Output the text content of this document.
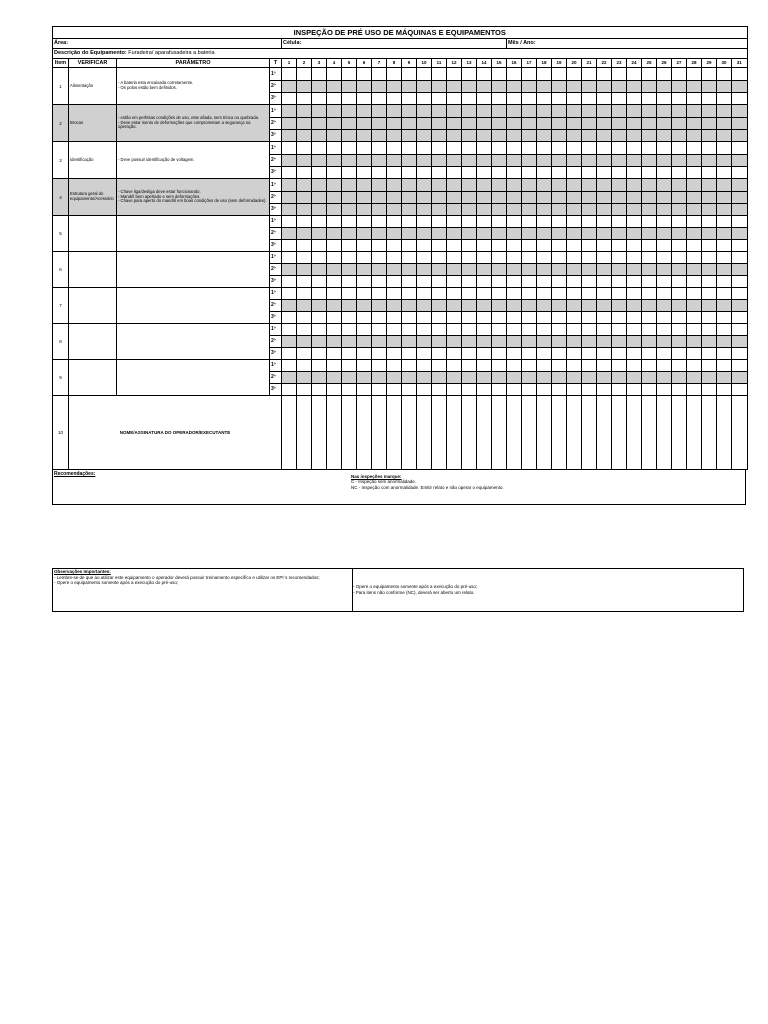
INSPEÇÃO DE PRÉ USO DE MÁQUINAS E EQUIPAMENTOS																																		
Área:				Célula:															Mês / Ano:															
Descrição do Equipamento: Furadeira/ aparafusadeira a bateria																																		
Item	VERIFICAR	PARÂMETRO	T	1	2	3	4	5	6	7	8	9	10	11	12	13	14	15	16	17	18	19	20	21	22	23	24	25	26	27	28	29	30	31
1	Alimentação	- A bateria esta encaixada corretamente.
- Os polos estão bem definidos.	1º																															
			2º																															
			3º																															
2	Brocas	- estão em perfeitas condições de uso, este afiada, sem trinca ou quebrada.
- Deve estar isento de deformações que comprometam a segurança na operação.	1º																															
			2º																															
			3º																															
3	Identificação	- Deve possuir identificação de voltagem.	1º																															
			2º																															
			3º																															
4	Estrutura geral do equipamento/Acessório	- Chave liga/desliga deve estar funcionando.
- Mandril bem apertado e sem deformações.
- Chave para aperto do mandril em boas condições de uso (sem deformidades).	1º																															
			2º																															
			3º																															
5			1º																															
			2º																															
			3º																															
6			1º																															
			2º																															
			3º																															
7			1º																															
			2º																															
			3º																															
8			1º																															
			2º																															
			3º																															
9			1º																															
			2º																															
			3º																															
10	NOME/ASSINATURA DO OPERADOR/EXECUTANTE																																	
Recomendações:	Nas inspeções marque:
C - Inspeção sem anormalidade.
NC - Inspeção com anormalidade. Emitir relato e não operar o equipamento.
Observações Importantes:
- Lembre-se de que ao utilizar este equipamento o operador deverá possuir treinamento específico e utilizar os EPI´s recomendados;
- Opere o equipamento somente após a execução do pré-uso;
- Opere o equipamento somente após a execução do pré-uso;
- Para itens não conforme (NC), deverá ser aberto um relato.
